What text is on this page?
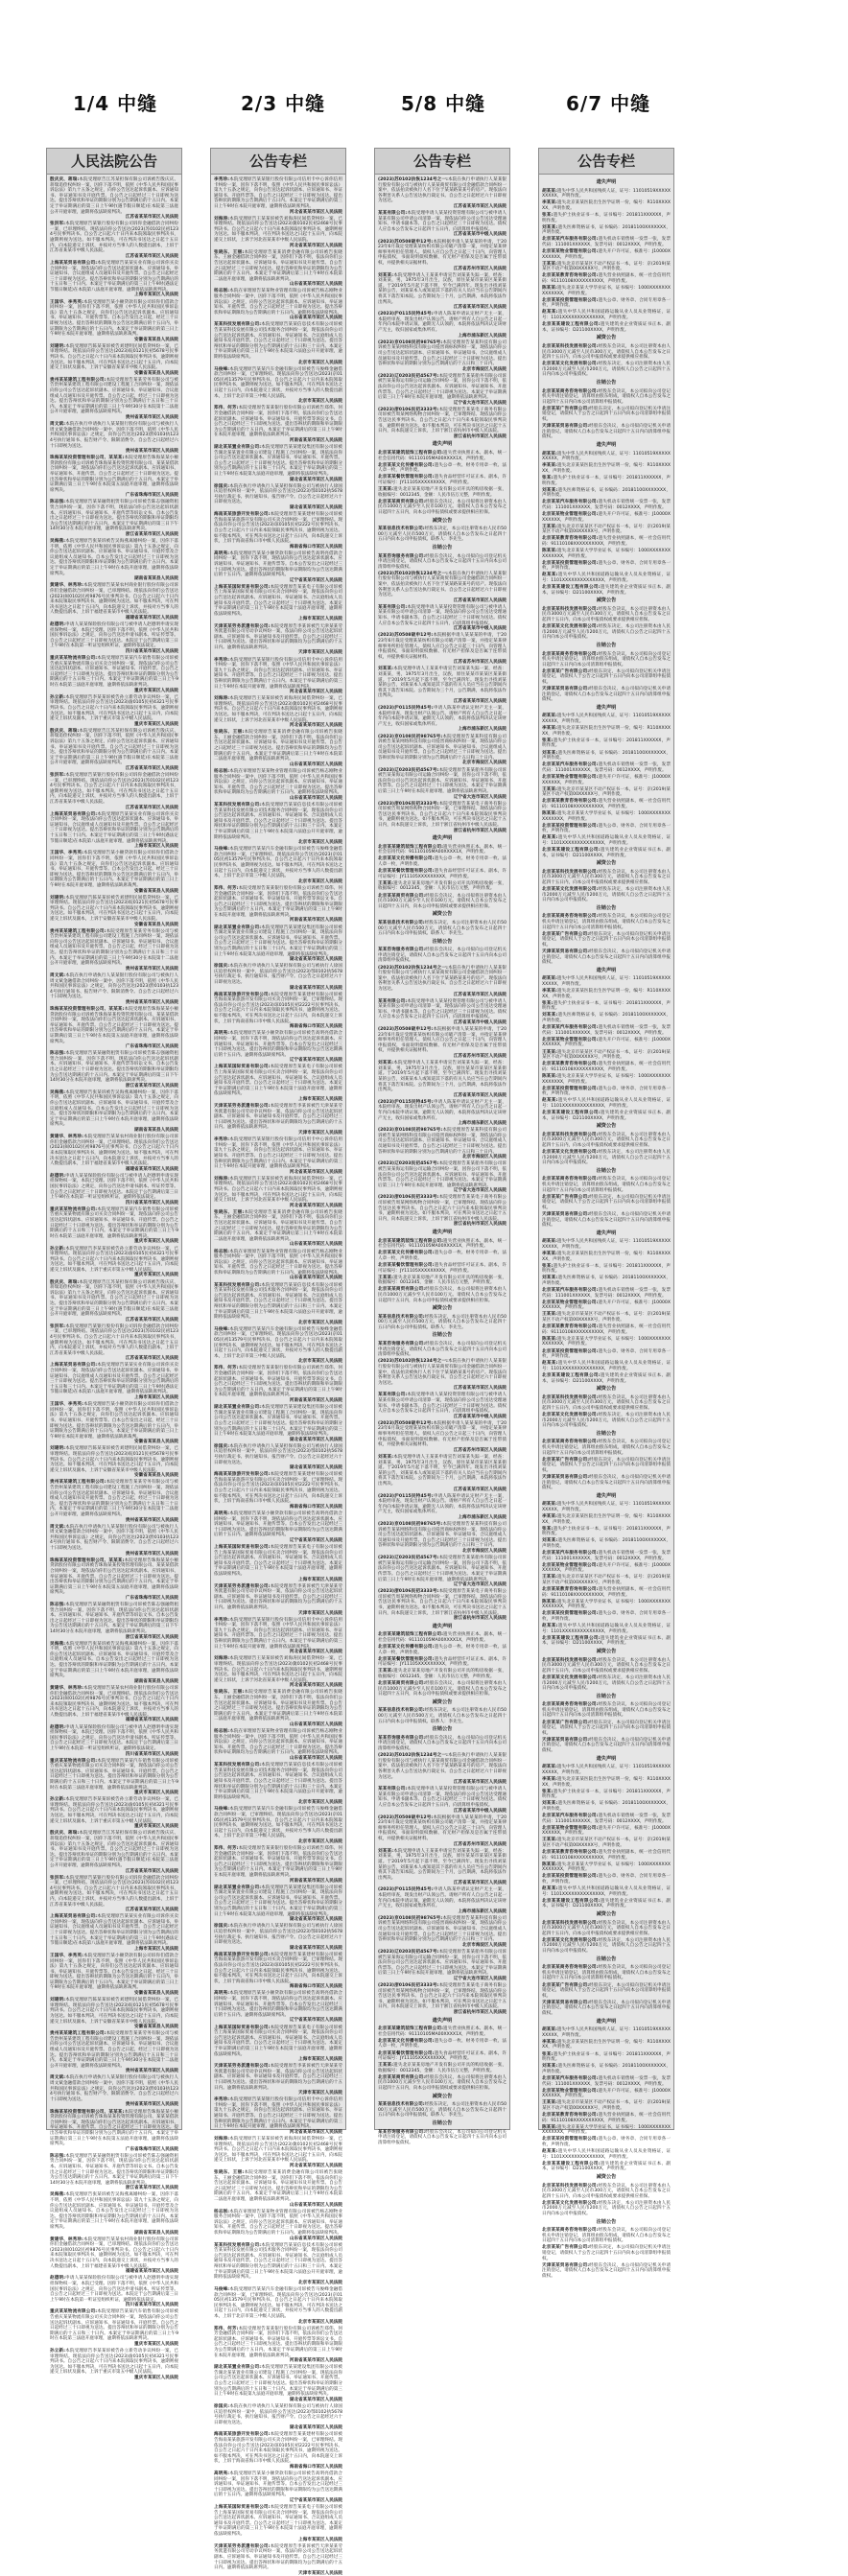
1/4 中缝	2/3 中缝	5/8 中缝	6/7 中缝
人民法院公告
殷庆庆、蒋瑞:本院受理原告江苏某担保有限公司诉被告殷庆庆、蒋瑞追偿权纠纷一案，因你下落不明，依照《中华人民共和国民事诉讼法》第九十五条之规定，向你公告送达起诉状副本、应诉通知书、举证通知书及开庭传票。自公告之日起经过三十日即视为送达。提出答辩状和举证的期限分别为公告期满后的十五日内。本案定于举证期满后的第三日上午9时(遇节假日顺延)在本院第三法庭公开开庭审理，逾期将依法缺席判决。
江苏省某某市某区人民法院
张洪军:本院受理原告某银行股份有限公司诉你金融借款合同纠纷一案，已审理终结。现依法向你公告送达(2023)苏0102民初1234号民事判决书。自公告之日起六十日内来本院领取民事判决书，逾期则视为送达。如不服本判决，可在判决书送达之日起十五日内，向本院递交上诉状，并按对方当事人的人数提出副本，上诉于江苏省某某市中级人民法院。
江苏省某某市某区人民法院
上海某某贸易有限公司:本院受理原告某某实业有限公司诉你买卖合同纠纷一案，现依法向你公告送达起诉状副本、应诉通知书、举证通知书、合议庭组成人员通知书及开庭传票。自公告之日起经过三十日即视为送达。提出答辩状和举证的期限分别为公告期满后的十五日和三十日内。本案定于举证期满后的第三日上午9时(遇法定节假日顺延)在本院第八法庭开庭审理，逾期将依法缺席判决。
上海市某某区人民法院
王国华、李秀英:本院受理原告某小额贷款有限公司诉你们借款合同纠纷一案，因你们下落不明，依照《中华人民共和国民事诉讼法》第九十五条之规定，向你们公告送达起诉状副本、应诉通知书、举证通知书、开庭传票等。自本公告发出之日起，经过三十日即视为送达。提出答辩状的期限为公告送达期满后的十五日内，举证期限为公告期满后的十五日内。本案定于举证期满后的第三日上午9时在本院开庭审理，逾期将依法缺席裁判。
安徽省某某县人民法院
刘建明:本院受理原告陈某某诉被告刘建明民间借贷纠纷一案，已审理终结。现依法向你公告送达(2023)皖0121民初5678号民事判决书。自公告之日起六十日内来本院领取民事判决书，逾期则视为送达。如不服本判决，可在判决书送达之日起十五日内，向本院递交上诉状及副本，上诉于安徽省某某市中级人民法院。
安徽省某某县人民法院
贵州某某建筑工程有限公司:本院受理原告某某劳务有限公司与被告贵州某某建筑工程有限公司建设工程施工合同纠纷一案，现依法向你公司公告送达起诉状副本、应诉通知书、举证通知书、合议庭组成人员通知书及开庭传票。自公告之日起，经过三十日即视为送达。提出答辩状和举证的期限分别为公告期满后十五日和三十日内。本案定于举证期满后的第三日上午9时30分在本院第十二法庭公开开庭审理，逾期将依法缺席判决。
贵州省某某市某区人民法院
周文斌:本院在执行申请执行人某某银行股份有限公司与被执行人周文斌金融借款合同纠纷一案中，因你下落不明，依照《中华人民共和国民事诉讼法》之规定，向你公告送达(2023)黔0103执1234号执行通知书、报告财产令、限制消费令。自公告之日起经过六十日即视为送达。
贵州省某某市某区人民法院
珠海某某投资管理有限公司、某某某:本院受理原告珠海某某小额贷款股份有限公司诉被告珠海某某投资管理有限公司、某某某借款合同纠纷一案，现依法向你们公告送达起诉状副本、应诉通知书、举证通知书、开庭传票。自公告之日起经过三十日即视为送达。提出答辩状和举证的期限分别为公告期满后的十五日内。本案定于举证期满后第三日上午9时在本院第五法庭开庭审理，逾期将依法缺席判决。
广东省珠海市某区人民法院
陈志强:本院受理原告某某融资租赁有限公司诉被告陈志强融资租赁合同纠纷一案，因你下落不明，现依法向你公告送达起诉状副本、应诉通知书、举证通知书、开庭传票等诉讼文书。自本公告发出之日起经过三十日即视为送达。提出答辩状的期限和举证期限均为公告送达期满后的十五日内。本案定于举证期满后的第三日下午14时30分在本院开庭审理，逾期将依法缺席判决。
浙江省某某市某区人民法院
吴海燕:本院受理原告张某诉被告吴海燕离婚纠纷一案，因你下落不明，依照《中华人民共和国民事诉讼法》第九十五条之规定，向你公告送达起诉状副本、应诉通知书、举证通知书、开庭传票及合议庭组成人员通知书。自本公告发出之日起经过三十日即视为送达。提出答辩状的期限和举证期限为公告期满后的十五日内。本案定于举证期满后的第三日上午9时在本院开庭审理，逾期将依法缺席判决。
湖南省某某县人民法院
黄建华、林秀珍:本院受理原告某某农村商业银行股份有限公司诉你们金融借款合同纠纷一案，已审理终结。现依法向你们公告送达(2023)闽0102民初9876号民事判决书。自公告之日起六十日内来本院领取民事判决书，逾期则视为送达。如不服本判决，可在判决书送达之日起十五日内，向本院递交上诉状，并按对方当事人的人数提出副本，上诉于福建省某某市中级人民法院。
福建省某某市某区人民法院
赵德明:申请人某某保险股份有限公司与被申请人赵德明申请实现担保物权一案，本院已受理。因你下落不明，依照《中华人民共和国民事诉讼法》之规定，向你公告送达申请书副本、听证传票等。自公告之日起经过三十日即视为送达。本院定于公告期满后第三日上午9时在本院第一听证室组织听证，逾期将依法裁定。
四川省某某市某区人民法院
重庆某某物流有限公司:本院受理原告某某汽车销售有限公司诉被告重庆某某物流有限公司买卖合同纠纷一案，现依法向你公司公告送达起诉状副本、应诉通知书、举证通知书、开庭传票。自公告之日起经过三十日即视为送达。提出答辩状和举证的期限分别为公告期满后的十五日和三十日内。本案定于举证期满后的第三日上午9时在本院第三法庭开庭审理，逾期将依法缺席判决。
重庆市某某区人民法院
孙立新:本院受理原告李某某诉被告孙立新劳动争议纠纷一案，已审理终结。现依法向你公告送达(2023)渝0105民初4321号民事判决书。自公告之日起六十日内来本院领取民事判决书，逾期则视为送达。如不服本判决，可在判决书送达之日起十五日内，向本院递交上诉状及副本，上诉于重庆市第五中级人民法院。
重庆市某某区人民法院
殷庆庆、蒋瑞:本院受理原告江苏某担保有限公司诉被告殷庆庆、蒋瑞追偿权纠纷一案，因你下落不明，依照《中华人民共和国民事诉讼法》第九十五条之规定，向你公告送达起诉状副本、应诉通知书、举证通知书及开庭传票。自公告之日起经过三十日即视为送达。提出答辩状和举证的期限分别为公告期满后的十五日内。本案定于举证期满后的第三日上午9时(遇节假日顺延)在本院第三法庭公开开庭审理，逾期将依法缺席判决。
江苏省某某市某区人民法院
张洪军:本院受理原告某银行股份有限公司诉你金融借款合同纠纷一案，已审理终结。现依法向你公告送达(2023)苏0102民初1234号民事判决书。自公告之日起六十日内来本院领取民事判决书，逾期则视为送达。如不服本判决，可在判决书送达之日起十五日内，向本院递交上诉状，并按对方当事人的人数提出副本，上诉于江苏省某某市中级人民法院。
江苏省某某市某区人民法院
上海某某贸易有限公司:本院受理原告某某实业有限公司诉你买卖合同纠纷一案，现依法向你公告送达起诉状副本、应诉通知书、举证通知书、合议庭组成人员通知书及开庭传票。自公告之日起经过三十日即视为送达。提出答辩状和举证的期限分别为公告期满后的十五日和三十日内。本案定于举证期满后的第三日上午9时(遇法定节假日顺延)在本院第八法庭开庭审理，逾期将依法缺席判决。
上海市某某区人民法院
王国华、李秀英:本院受理原告某小额贷款有限公司诉你们借款合同纠纷一案，因你们下落不明，依照《中华人民共和国民事诉讼法》第九十五条之规定，向你们公告送达起诉状副本、应诉通知书、举证通知书、开庭传票等。自本公告发出之日起，经过三十日即视为送达。提出答辩状的期限为公告送达期满后的十五日内，举证期限为公告期满后的十五日内。本案定于举证期满后的第三日上午9时在本院开庭审理，逾期将依法缺席裁判。
安徽省某某县人民法院
刘建明:本院受理原告陈某某诉被告刘建明民间借贷纠纷一案，已审理终结。现依法向你公告送达(2023)皖0121民初5678号民事判决书。自公告之日起六十日内来本院领取民事判决书，逾期则视为送达。如不服本判决，可在判决书送达之日起十五日内，向本院递交上诉状及副本，上诉于安徽省某某市中级人民法院。
安徽省某某县人民法院
贵州某某建筑工程有限公司:本院受理原告某某劳务有限公司与被告贵州某某建筑工程有限公司建设工程施工合同纠纷一案，现依法向你公司公告送达起诉状副本、应诉通知书、举证通知书、合议庭组成人员通知书及开庭传票。自公告之日起，经过三十日即视为送达。提出答辩状和举证的期限分别为公告期满后十五日和三十日内。本案定于举证期满后的第三日上午9时30分在本院第十二法庭公开开庭审理，逾期将依法缺席判决。
贵州省某某市某区人民法院
周文斌:本院在执行申请执行人某某银行股份有限公司与被执行人周文斌金融借款合同纠纷一案中，因你下落不明，依照《中华人民共和国民事诉讼法》之规定，向你公告送达(2023)黔0103执1234号执行通知书、报告财产令、限制消费令。自公告之日起经过六十日即视为送达。
贵州省某某市某区人民法院
珠海某某投资管理有限公司、某某某:本院受理原告珠海某某小额贷款股份有限公司诉被告珠海某某投资管理有限公司、某某某借款合同纠纷一案，现依法向你们公告送达起诉状副本、应诉通知书、举证通知书、开庭传票。自公告之日起经过三十日即视为送达。提出答辩状和举证的期限分别为公告期满后的十五日内。本案定于举证期满后第三日上午9时在本院第五法庭开庭审理，逾期将依法缺席判决。
广东省珠海市某区人民法院
陈志强:本院受理原告某某融资租赁有限公司诉被告陈志强融资租赁合同纠纷一案，因你下落不明，现依法向你公告送达起诉状副本、应诉通知书、举证通知书、开庭传票等诉讼文书。自本公告发出之日起经过三十日即视为送达。提出答辩状的期限和举证期限均为公告送达期满后的十五日内。本案定于举证期满后的第三日下午14时30分在本院开庭审理，逾期将依法缺席判决。
浙江省某某市某区人民法院
吴海燕:本院受理原告张某诉被告吴海燕离婚纠纷一案，因你下落不明，依照《中华人民共和国民事诉讼法》第九十五条之规定，向你公告送达起诉状副本、应诉通知书、举证通知书、开庭传票及合议庭组成人员通知书。自本公告发出之日起经过三十日即视为送达。提出答辩状的期限和举证期限为公告期满后的十五日内。本案定于举证期满后的第三日上午9时在本院开庭审理，逾期将依法缺席判决。
湖南省某某县人民法院
黄建华、林秀珍:本院受理原告某某农村商业银行股份有限公司诉你们金融借款合同纠纷一案，已审理终结。现依法向你们公告送达(2023)闽0102民初9876号民事判决书。自公告之日起六十日内来本院领取民事判决书，逾期则视为送达。如不服本判决，可在判决书送达之日起十五日内，向本院递交上诉状，并按对方当事人的人数提出副本，上诉于福建省某某市中级人民法院。
福建省某某市某区人民法院
赵德明:申请人某某保险股份有限公司与被申请人赵德明申请实现担保物权一案，本院已受理。因你下落不明，依照《中华人民共和国民事诉讼法》之规定，向你公告送达申请书副本、听证传票等。自公告之日起经过三十日即视为送达。本院定于公告期满后第三日上午9时在本院第一听证室组织听证，逾期将依法裁定。
四川省某某市某区人民法院
重庆某某物流有限公司:本院受理原告某某汽车销售有限公司诉被告重庆某某物流有限公司买卖合同纠纷一案，现依法向你公司公告送达起诉状副本、应诉通知书、举证通知书、开庭传票。自公告之日起经过三十日即视为送达。提出答辩状和举证的期限分别为公告期满后的十五日和三十日内。本案定于举证期满后的第三日上午9时在本院第三法庭开庭审理，逾期将依法缺席判决。
重庆市某某区人民法院
孙立新:本院受理原告李某某诉被告孙立新劳动争议纠纷一案，已审理终结。现依法向你公告送达(2023)渝0105民初4321号民事判决书。自公告之日起六十日内来本院领取民事判决书，逾期则视为送达。如不服本判决，可在判决书送达之日起十五日内，向本院递交上诉状及副本，上诉于重庆市第五中级人民法院。
重庆市某某区人民法院
殷庆庆、蒋瑞:本院受理原告江苏某担保有限公司诉被告殷庆庆、蒋瑞追偿权纠纷一案，因你下落不明，依照《中华人民共和国民事诉讼法》第九十五条之规定，向你公告送达起诉状副本、应诉通知书、举证通知书及开庭传票。自公告之日起经过三十日即视为送达。提出答辩状和举证的期限分别为公告期满后的十五日内。本案定于举证期满后的第三日上午9时(遇节假日顺延)在本院第三法庭公开开庭审理，逾期将依法缺席判决。
江苏省某某市某区人民法院
张洪军:本院受理原告某银行股份有限公司诉你金融借款合同纠纷一案，已审理终结。现依法向你公告送达(2023)苏0102民初1234号民事判决书。自公告之日起六十日内来本院领取民事判决书，逾期则视为送达。如不服本判决，可在判决书送达之日起十五日内，向本院递交上诉状，并按对方当事人的人数提出副本，上诉于江苏省某某市中级人民法院。
江苏省某某市某区人民法院
上海某某贸易有限公司:本院受理原告某某实业有限公司诉你买卖合同纠纷一案，现依法向你公告送达起诉状副本、应诉通知书、举证通知书、合议庭组成人员通知书及开庭传票。自公告之日起经过三十日即视为送达。提出答辩状和举证的期限分别为公告期满后的十五日和三十日内。本案定于举证期满后的第三日上午9时(遇法定节假日顺延)在本院第八法庭开庭审理，逾期将依法缺席判决。
上海市某某区人民法院
王国华、李秀英:本院受理原告某小额贷款有限公司诉你们借款合同纠纷一案，因你们下落不明，依照《中华人民共和国民事诉讼法》第九十五条之规定，向你们公告送达起诉状副本、应诉通知书、举证通知书、开庭传票等。自本公告发出之日起，经过三十日即视为送达。提出答辩状的期限为公告送达期满后的十五日内，举证期限为公告期满后的十五日内。本案定于举证期满后的第三日上午9时在本院开庭审理，逾期将依法缺席裁判。
安徽省某某县人民法院
刘建明:本院受理原告陈某某诉被告刘建明民间借贷纠纷一案，已审理终结。现依法向你公告送达(2023)皖0121民初5678号民事判决书。自公告之日起六十日内来本院领取民事判决书，逾期则视为送达。如不服本判决，可在判决书送达之日起十五日内，向本院递交上诉状及副本，上诉于安徽省某某市中级人民法院。
安徽省某某县人民法院
贵州某某建筑工程有限公司:本院受理原告某某劳务有限公司与被告贵州某某建筑工程有限公司建设工程施工合同纠纷一案，现依法向你公司公告送达起诉状副本、应诉通知书、举证通知书、合议庭组成人员通知书及开庭传票。自公告之日起，经过三十日即视为送达。提出答辩状和举证的期限分别为公告期满后十五日和三十日内。本案定于举证期满后的第三日上午9时30分在本院第十二法庭公开开庭审理，逾期将依法缺席判决。
贵州省某某市某区人民法院
周文斌:本院在执行申请执行人某某银行股份有限公司与被执行人周文斌金融借款合同纠纷一案中，因你下落不明，依照《中华人民共和国民事诉讼法》之规定，向你公告送达(2023)黔0103执1234号执行通知书、报告财产令、限制消费令。自公告之日起经过六十日即视为送达。
贵州省某某市某区人民法院
珠海某某投资管理有限公司、某某某:本院受理原告珠海某某小额贷款股份有限公司诉被告珠海某某投资管理有限公司、某某某借款合同纠纷一案，现依法向你们公告送达起诉状副本、应诉通知书、举证通知书、开庭传票。自公告之日起经过三十日即视为送达。提出答辩状和举证的期限分别为公告期满后的十五日内。本案定于举证期满后第三日上午9时在本院第五法庭开庭审理，逾期将依法缺席判决。
广东省珠海市某区人民法院
陈志强:本院受理原告某某融资租赁有限公司诉被告陈志强融资租赁合同纠纷一案，因你下落不明，现依法向你公告送达起诉状副本、应诉通知书、举证通知书、开庭传票等诉讼文书。自本公告发出之日起经过三十日即视为送达。提出答辩状的期限和举证期限均为公告送达期满后的十五日内。本案定于举证期满后的第三日下午14时30分在本院开庭审理，逾期将依法缺席判决。
浙江省某某市某区人民法院
吴海燕:本院受理原告张某诉被告吴海燕离婚纠纷一案，因你下落不明，依照《中华人民共和国民事诉讼法》第九十五条之规定，向你公告送达起诉状副本、应诉通知书、举证通知书、开庭传票及合议庭组成人员通知书。自本公告发出之日起经过三十日即视为送达。提出答辩状的期限和举证期限为公告期满后的十五日内。本案定于举证期满后的第三日上午9时在本院开庭审理，逾期将依法缺席判决。
湖南省某某县人民法院
黄建华、林秀珍:本院受理原告某某农村商业银行股份有限公司诉你们金融借款合同纠纷一案，已审理终结。现依法向你们公告送达(2023)闽0102民初9876号民事判决书。自公告之日起六十日内来本院领取民事判决书，逾期则视为送达。如不服本判决，可在判决书送达之日起十五日内，向本院递交上诉状，并按对方当事人的人数提出副本，上诉于福建省某某市中级人民法院。
福建省某某市某区人民法院
赵德明:申请人某某保险股份有限公司与被申请人赵德明申请实现担保物权一案，本院已受理。因你下落不明，依照《中华人民共和国民事诉讼法》之规定，向你公告送达申请书副本、听证传票等。自公告之日起经过三十日即视为送达。本院定于公告期满后第三日上午9时在本院第一听证室组织听证，逾期将依法裁定。
四川省某某市某区人民法院
重庆某某物流有限公司:本院受理原告某某汽车销售有限公司诉被告重庆某某物流有限公司买卖合同纠纷一案，现依法向你公司公告送达起诉状副本、应诉通知书、举证通知书、开庭传票。自公告之日起经过三十日即视为送达。提出答辩状和举证的期限分别为公告期满后的十五日和三十日内。本案定于举证期满后的第三日上午9时在本院第三法庭开庭审理，逾期将依法缺席判决。
重庆市某某区人民法院
孙立新:本院受理原告李某某诉被告孙立新劳动争议纠纷一案，已审理终结。现依法向你公告送达(2023)渝0105民初4321号民事判决书。自公告之日起六十日内来本院领取民事判决书，逾期则视为送达。如不服本判决，可在判决书送达之日起十五日内，向本院递交上诉状及副本，上诉于重庆市第五中级人民法院。
重庆市某某区人民法院
殷庆庆、蒋瑞:本院受理原告江苏某担保有限公司诉被告殷庆庆、蒋瑞追偿权纠纷一案，因你下落不明，依照《中华人民共和国民事诉讼法》第九十五条之规定，向你公告送达起诉状副本、应诉通知书、举证通知书及开庭传票。自公告之日起经过三十日即视为送达。提出答辩状和举证的期限分别为公告期满后的十五日内。本案定于举证期满后的第三日上午9时(遇节假日顺延)在本院第三法庭公开开庭审理，逾期将依法缺席判决。
江苏省某某市某区人民法院
张洪军:本院受理原告某银行股份有限公司诉你金融借款合同纠纷一案，已审理终结。现依法向你公告送达(2023)苏0102民初1234号民事判决书。自公告之日起六十日内来本院领取民事判决书，逾期则视为送达。如不服本判决，可在判决书送达之日起十五日内，向本院递交上诉状，并按对方当事人的人数提出副本，上诉于江苏省某某市中级人民法院。
江苏省某某市某区人民法院
上海某某贸易有限公司:本院受理原告某某实业有限公司诉你买卖合同纠纷一案，现依法向你公告送达起诉状副本、应诉通知书、举证通知书、合议庭组成人员通知书及开庭传票。自公告之日起经过三十日即视为送达。提出答辩状和举证的期限分别为公告期满后的十五日和三十日内。本案定于举证期满后的第三日上午9时(遇法定节假日顺延)在本院第八法庭开庭审理，逾期将依法缺席判决。
上海市某某区人民法院
王国华、李秀英:本院受理原告某小额贷款有限公司诉你们借款合同纠纷一案，因你们下落不明，依照《中华人民共和国民事诉讼法》第九十五条之规定，向你们公告送达起诉状副本、应诉通知书、举证通知书、开庭传票等。自本公告发出之日起，经过三十日即视为送达。提出答辩状的期限为公告送达期满后的十五日内，举证期限为公告期满后的十五日内。本案定于举证期满后的第三日上午9时在本院开庭审理，逾期将依法缺席裁判。
安徽省某某县人民法院
刘建明:本院受理原告陈某某诉被告刘建明民间借贷纠纷一案，已审理终结。现依法向你公告送达(2023)皖0121民初5678号民事判决书。自公告之日起六十日内来本院领取民事判决书，逾期则视为送达。如不服本判决，可在判决书送达之日起十五日内，向本院递交上诉状及副本，上诉于安徽省某某市中级人民法院。
安徽省某某县人民法院
贵州某某建筑工程有限公司:本院受理原告某某劳务有限公司与被告贵州某某建筑工程有限公司建设工程施工合同纠纷一案，现依法向你公司公告送达起诉状副本、应诉通知书、举证通知书、合议庭组成人员通知书及开庭传票。自公告之日起，经过三十日即视为送达。提出答辩状和举证的期限分别为公告期满后十五日和三十日内。本案定于举证期满后的第三日上午9时30分在本院第十二法庭公开开庭审理，逾期将依法缺席判决。
贵州省某某市某区人民法院
周文斌:本院在执行申请执行人某某银行股份有限公司与被执行人周文斌金融借款合同纠纷一案中，因你下落不明，依照《中华人民共和国民事诉讼法》之规定，向你公告送达(2023)黔0103执1234号执行通知书、报告财产令、限制消费令。自公告之日起经过六十日即视为送达。
贵州省某某市某区人民法院
珠海某某投资管理有限公司、某某某:本院受理原告珠海某某小额贷款股份有限公司诉被告珠海某某投资管理有限公司、某某某借款合同纠纷一案，现依法向你们公告送达起诉状副本、应诉通知书、举证通知书、开庭传票。自公告之日起经过三十日即视为送达。提出答辩状和举证的期限分别为公告期满后的十五日内。本案定于举证期满后第三日上午9时在本院第五法庭开庭审理，逾期将依法缺席判决。
广东省珠海市某区人民法院
陈志强:本院受理原告某某融资租赁有限公司诉被告陈志强融资租赁合同纠纷一案，因你下落不明，现依法向你公告送达起诉状副本、应诉通知书、举证通知书、开庭传票等诉讼文书。自本公告发出之日起经过三十日即视为送达。提出答辩状的期限和举证期限均为公告送达期满后的十五日内。本案定于举证期满后的第三日下午14时30分在本院开庭审理，逾期将依法缺席判决。
浙江省某某市某区人民法院
吴海燕:本院受理原告张某诉被告吴海燕离婚纠纷一案，因你下落不明，依照《中华人民共和国民事诉讼法》第九十五条之规定，向你公告送达起诉状副本、应诉通知书、举证通知书、开庭传票及合议庭组成人员通知书。自本公告发出之日起经过三十日即视为送达。提出答辩状的期限和举证期限为公告期满后的十五日内。本案定于举证期满后的第三日上午9时在本院开庭审理，逾期将依法缺席判决。
湖南省某某县人民法院
黄建华、林秀珍:本院受理原告某某农村商业银行股份有限公司诉你们金融借款合同纠纷一案，已审理终结。现依法向你们公告送达(2023)闽0102民初9876号民事判决书。自公告之日起六十日内来本院领取民事判决书，逾期则视为送达。如不服本判决，可在判决书送达之日起十五日内，向本院递交上诉状，并按对方当事人的人数提出副本，上诉于福建省某某市中级人民法院。
福建省某某市某区人民法院
赵德明:申请人某某保险股份有限公司与被申请人赵德明申请实现担保物权一案，本院已受理。因你下落不明，依照《中华人民共和国民事诉讼法》之规定，向你公告送达申请书副本、听证传票等。自公告之日起经过三十日即视为送达。本院定于公告期满后第三日上午9时在本院第一听证室组织听证，逾期将依法裁定。
四川省某某市某区人民法院
重庆某某物流有限公司:本院受理原告某某汽车销售有限公司诉被告重庆某某物流有限公司买卖合同纠纷一案，现依法向你公司公告送达起诉状副本、应诉通知书、举证通知书、开庭传票。自公告之日起经过三十日即视为送达。提出答辩状和举证的期限分别为公告期满后的十五日和三十日内。本案定于举证期满后的第三日上午9时在本院第三法庭开庭审理，逾期将依法缺席判决。
重庆市某某区人民法院
孙立新:本院受理原告李某某诉被告孙立新劳动争议纠纷一案，已审理终结。现依法向你公告送达(2023)渝0105民初4321号民事判决书。自公告之日起六十日内来本院领取民事判决书，逾期则视为送达。如不服本判决，可在判决书送达之日起十五日内，向本院递交上诉状及副本，上诉于重庆市第五中级人民法院。
重庆市某某区人民法院
公告专栏
李秀珍:本院受理原告某某银行股份有限公司信用卡中心诉你信用卡纠纷一案，因你下落不明，依照《中华人民共和国民事诉讼法》第九十五条之规定，向你公告送达起诉状副本、应诉通知书、举证通知书、开庭传票等。自公告之日起经过三十日即视为送达。提出答辩状的期限为公告期满后十五日内。本案定于举证期满后的第三日上午9时在本院开庭审理，逾期将依法缺席判决。
河北省某某市某区人民法院
刘海涛:本院受理原告王某某诉被告刘海涛民间借贷纠纷一案，已审理终结。现依法向你公告送达(2023)冀0102民初2468号民事判决书。自公告之日起六十日内来本院领取民事判决书，逾期则视为送达。如不服本判决，可在判决书送达之日起十五日内，向本院递交上诉状，上诉于河北省某某市中级人民法院。
河北省某某市某区人民法院
张晓东、王丽:本院受理原告某某消费金融有限公司诉被告张晓东、王丽金融借款合同纠纷一案，因你们下落不明，依法向你们公告送达起诉状副本、应诉通知书、举证通知书及开庭传票。自公告之日起经过三十日即视为送达。提出答辩状和举证的期限均为公告期满后的十五日内。本案定于举证期满后第三日上午9时在本院第二法庭开庭审理，逾期将依法缺席判决。
山东省某某市某区人民法院
杨志刚:本院在审理原告某某物业管理有限公司诉被告杨志刚物业服务合同纠纷一案中，因你下落不明，依照《中华人民共和国民事诉讼法》之规定，向你公告送达起诉状副本、应诉通知书、举证通知书、开庭传票。自公告之日起经过三十日即视为送达。提出答辩状和举证期限均为公告期满后的十五日内。逾期将依法缺席判决。
山东省某某市某区人民法院
某某科技发展有限公司:本院受理原告某某信息技术有限公司诉被告某某科技发展有限公司技术服务合同纠纷一案，现依法向你公司公告送达起诉状副本、应诉通知书、举证通知书、合议庭组成人员通知书及开庭传票。自公告之日起经过三十日即视为送达。提出答辩状和举证的期限分别为公告期满后的十五日和三十日内。本案定于举证期满后的第三日上午9时在本院第六法庭公开开庭审理，逾期将依法缺席判决。
北京市某某区人民法院
马俊峰:本院受理原告某某汽车金融有限公司诉被告马俊峰金融借款合同纠纷一案，已审理终结。现依法向你公告送达(2023)京0105民初13579号民事判决书。自公告之日起六十日内来本院领取民事判决书，逾期则视为送达。如不服本判决，可在判决书送达之日起十五日内，向本院递交上诉状，并按对方当事人的人数提出副本，上诉于北京市第三中级人民法院。
北京市某某区人民法院
郑伟、何芳:本院受理原告某某银行股份有限公司诉被告郑伟、何芳金融借款合同纠纷一案，因你们下落不明，依法向你们公告送达起诉状副本、应诉通知书、举证通知书、开庭传票等诉讼文书。自公告之日起经过三十日即视为送达。提出答辩状的期限和举证期限为公告期满后的十五日内。本案定于举证期满后的第三日上午9时在本院开庭审理，逾期将依法缺席判决。
河南省某某市某区人民法院
湖北某某置业有限公司:本院受理原告某某建设集团有限公司诉被告湖北某某置业有限公司建设工程施工合同纠纷一案，现依法向你公司公告送达起诉状副本、应诉通知书、举证通知书、开庭传票。自公告之日起经过三十日即视为送达。提出答辩状和举证的期限分别为公告期满后的十五日和三十日内。本案定于举证期满后的第三日上午9时在本院第九法庭开庭审理，逾期将依法缺席判决。
湖北省某某市某区人民法院
徐国庆:本院在执行申请执行人某某担保有限公司与被执行人徐国庆追偿权纠纷一案中，依法向你公告送达(2023)鄂0102执5678号执行裁定书、执行通知书、报告财产令。自公告之日起经过六十日即视为送达。
湖北省某某市某区人民法院
海南某某旅游开发有限公司:本院受理原告某某建材有限公司诉被告海南某某旅游开发有限公司买卖合同纠纷一案，已审理终结。现依法向你公司公告送达(2023)琼0105民初2222号民事判决书。自公告之日起六十日内来本院领取民事判决书，逾期则视为送达。如不服本判决，可在判决书送达之日起十五日内，向本院递交上诉状，上诉于海南省海口市中级人民法院。
海南省海口市某区人民法院
高明亮:本院受理原告某某小额贷款有限公司诉被告高明亮借款合同纠纷一案，因你下落不明，现依法向你公告送达起诉状副本、应诉通知书、举证通知书、开庭传票等。自本公告发出之日起经过三十日即视为送达。提出答辩状的期限和举证期限均为公告送达期满后的十五日内。逾期将依法缺席判决。
辽宁省某某市某区人民法院
上海某某国际贸易有限公司:本院受理原告某某电子有限公司诉被告上海某某国际贸易有限公司买卖合同纠纷一案，现依法向你公司公告送达起诉状副本、应诉通知书、举证通知书、合议庭组成人员通知书及开庭传票。自公告之日起经过三十日即视为送达。本案定于举证期满后的第三日上午9时在本院第十法庭开庭审理，逾期将依法缺席判决。
上海市某某区人民法院
天津某某劳务派遣有限公司:本院受理原告李某诉被告天津某某劳务派遣有限公司劳动争议纠纷一案，依法向你公司公告送达起诉状副本、应诉通知书、举证通知书及开庭传票。自公告之日起经过三十日即视为送达。提出答辩状和举证的期限均为公告期满后的十五日内。逾期将依法缺席判决。
天津市某某区人民法院
李秀珍:本院受理原告某某银行股份有限公司信用卡中心诉你信用卡纠纷一案，因你下落不明，依照《中华人民共和国民事诉讼法》第九十五条之规定，向你公告送达起诉状副本、应诉通知书、举证通知书、开庭传票等。自公告之日起经过三十日即视为送达。提出答辩状的期限为公告期满后十五日内。本案定于举证期满后的第三日上午9时在本院开庭审理，逾期将依法缺席判决。
河北省某某市某区人民法院
刘海涛:本院受理原告王某某诉被告刘海涛民间借贷纠纷一案，已审理终结。现依法向你公告送达(2023)冀0102民初2468号民事判决书。自公告之日起六十日内来本院领取民事判决书，逾期则视为送达。如不服本判决，可在判决书送达之日起十五日内，向本院递交上诉状，上诉于河北省某某市中级人民法院。
河北省某某市某区人民法院
张晓东、王丽:本院受理原告某某消费金融有限公司诉被告张晓东、王丽金融借款合同纠纷一案，因你们下落不明，依法向你们公告送达起诉状副本、应诉通知书、举证通知书及开庭传票。自公告之日起经过三十日即视为送达。提出答辩状和举证的期限均为公告期满后的十五日内。本案定于举证期满后第三日上午9时在本院第二法庭开庭审理，逾期将依法缺席判决。
山东省某某市某区人民法院
杨志刚:本院在审理原告某某物业管理有限公司诉被告杨志刚物业服务合同纠纷一案中，因你下落不明，依照《中华人民共和国民事诉讼法》之规定，向你公告送达起诉状副本、应诉通知书、举证通知书、开庭传票。自公告之日起经过三十日即视为送达。提出答辩状和举证期限均为公告期满后的十五日内。逾期将依法缺席判决。
山东省某某市某区人民法院
某某科技发展有限公司:本院受理原告某某信息技术有限公司诉被告某某科技发展有限公司技术服务合同纠纷一案，现依法向你公司公告送达起诉状副本、应诉通知书、举证通知书、合议庭组成人员通知书及开庭传票。自公告之日起经过三十日即视为送达。提出答辩状和举证的期限分别为公告期满后的十五日和三十日内。本案定于举证期满后的第三日上午9时在本院第六法庭公开开庭审理，逾期将依法缺席判决。
北京市某某区人民法院
马俊峰:本院受理原告某某汽车金融有限公司诉被告马俊峰金融借款合同纠纷一案，已审理终结。现依法向你公告送达(2023)京0105民初13579号民事判决书。自公告之日起六十日内来本院领取民事判决书，逾期则视为送达。如不服本判决，可在判决书送达之日起十五日内，向本院递交上诉状，并按对方当事人的人数提出副本，上诉于北京市第三中级人民法院。
北京市某某区人民法院
郑伟、何芳:本院受理原告某某银行股份有限公司诉被告郑伟、何芳金融借款合同纠纷一案，因你们下落不明，依法向你们公告送达起诉状副本、应诉通知书、举证通知书、开庭传票等诉讼文书。自公告之日起经过三十日即视为送达。提出答辩状的期限和举证期限为公告期满后的十五日内。本案定于举证期满后的第三日上午9时在本院开庭审理，逾期将依法缺席判决。
河南省某某市某区人民法院
湖北某某置业有限公司:本院受理原告某某建设集团有限公司诉被告湖北某某置业有限公司建设工程施工合同纠纷一案，现依法向你公司公告送达起诉状副本、应诉通知书、举证通知书、开庭传票。自公告之日起经过三十日即视为送达。提出答辩状和举证的期限分别为公告期满后的十五日和三十日内。本案定于举证期满后的第三日上午9时在本院第九法庭开庭审理，逾期将依法缺席判决。
湖北省某某市某区人民法院
徐国庆:本院在执行申请执行人某某担保有限公司与被执行人徐国庆追偿权纠纷一案中，依法向你公告送达(2023)鄂0102执5678号执行裁定书、执行通知书、报告财产令。自公告之日起经过六十日即视为送达。
湖北省某某市某区人民法院
海南某某旅游开发有限公司:本院受理原告某某建材有限公司诉被告海南某某旅游开发有限公司买卖合同纠纷一案，已审理终结。现依法向你公司公告送达(2023)琼0105民初2222号民事判决书。自公告之日起六十日内来本院领取民事判决书，逾期则视为送达。如不服本判决，可在判决书送达之日起十五日内，向本院递交上诉状，上诉于海南省海口市中级人民法院。
海南省海口市某区人民法院
高明亮:本院受理原告某某小额贷款有限公司诉被告高明亮借款合同纠纷一案，因你下落不明，现依法向你公告送达起诉状副本、应诉通知书、举证通知书、开庭传票等。自本公告发出之日起经过三十日即视为送达。提出答辩状的期限和举证期限均为公告送达期满后的十五日内。逾期将依法缺席判决。
辽宁省某某市某区人民法院
上海某某国际贸易有限公司:本院受理原告某某电子有限公司诉被告上海某某国际贸易有限公司买卖合同纠纷一案，现依法向你公司公告送达起诉状副本、应诉通知书、举证通知书、合议庭组成人员通知书及开庭传票。自公告之日起经过三十日即视为送达。本案定于举证期满后的第三日上午9时在本院第十法庭开庭审理，逾期将依法缺席判决。
上海市某某区人民法院
天津某某劳务派遣有限公司:本院受理原告李某诉被告天津某某劳务派遣有限公司劳动争议纠纷一案，依法向你公司公告送达起诉状副本、应诉通知书、举证通知书及开庭传票。自公告之日起经过三十日即视为送达。提出答辩状和举证的期限均为公告期满后的十五日内。逾期将依法缺席判决。
天津市某某区人民法院
李秀珍:本院受理原告某某银行股份有限公司信用卡中心诉你信用卡纠纷一案，因你下落不明，依照《中华人民共和国民事诉讼法》第九十五条之规定，向你公告送达起诉状副本、应诉通知书、举证通知书、开庭传票等。自公告之日起经过三十日即视为送达。提出答辩状的期限为公告期满后十五日内。本案定于举证期满后的第三日上午9时在本院开庭审理，逾期将依法缺席判决。
河北省某某市某区人民法院
刘海涛:本院受理原告王某某诉被告刘海涛民间借贷纠纷一案，已审理终结。现依法向你公告送达(2023)冀0102民初2468号民事判决书。自公告之日起六十日内来本院领取民事判决书，逾期则视为送达。如不服本判决，可在判决书送达之日起十五日内，向本院递交上诉状，上诉于河北省某某市中级人民法院。
河北省某某市某区人民法院
张晓东、王丽:本院受理原告某某消费金融有限公司诉被告张晓东、王丽金融借款合同纠纷一案，因你们下落不明，依法向你们公告送达起诉状副本、应诉通知书、举证通知书及开庭传票。自公告之日起经过三十日即视为送达。提出答辩状和举证的期限均为公告期满后的十五日内。本案定于举证期满后第三日上午9时在本院第二法庭开庭审理，逾期将依法缺席判决。
山东省某某市某区人民法院
杨志刚:本院在审理原告某某物业管理有限公司诉被告杨志刚物业服务合同纠纷一案中，因你下落不明，依照《中华人民共和国民事诉讼法》之规定，向你公告送达起诉状副本、应诉通知书、举证通知书、开庭传票。自公告之日起经过三十日即视为送达。提出答辩状和举证期限均为公告期满后的十五日内。逾期将依法缺席判决。
山东省某某市某区人民法院
某某科技发展有限公司:本院受理原告某某信息技术有限公司诉被告某某科技发展有限公司技术服务合同纠纷一案，现依法向你公司公告送达起诉状副本、应诉通知书、举证通知书、合议庭组成人员通知书及开庭传票。自公告之日起经过三十日即视为送达。提出答辩状和举证的期限分别为公告期满后的十五日和三十日内。本案定于举证期满后的第三日上午9时在本院第六法庭公开开庭审理，逾期将依法缺席判决。
北京市某某区人民法院
马俊峰:本院受理原告某某汽车金融有限公司诉被告马俊峰金融借款合同纠纷一案，已审理终结。现依法向你公告送达(2023)京0105民初13579号民事判决书。自公告之日起六十日内来本院领取民事判决书，逾期则视为送达。如不服本判决，可在判决书送达之日起十五日内，向本院递交上诉状，并按对方当事人的人数提出副本，上诉于北京市第三中级人民法院。
北京市某某区人民法院
郑伟、何芳:本院受理原告某某银行股份有限公司诉被告郑伟、何芳金融借款合同纠纷一案，因你们下落不明，依法向你们公告送达起诉状副本、应诉通知书、举证通知书、开庭传票等诉讼文书。自公告之日起经过三十日即视为送达。提出答辩状的期限和举证期限为公告期满后的十五日内。本案定于举证期满后的第三日上午9时在本院开庭审理，逾期将依法缺席判决。
河南省某某市某区人民法院
湖北某某置业有限公司:本院受理原告某某建设集团有限公司诉被告湖北某某置业有限公司建设工程施工合同纠纷一案，现依法向你公司公告送达起诉状副本、应诉通知书、举证通知书、开庭传票。自公告之日起经过三十日即视为送达。提出答辩状和举证的期限分别为公告期满后的十五日和三十日内。本案定于举证期满后的第三日上午9时在本院第九法庭开庭审理，逾期将依法缺席判决。
湖北省某某市某区人民法院
徐国庆:本院在执行申请执行人某某担保有限公司与被执行人徐国庆追偿权纠纷一案中，依法向你公告送达(2023)鄂0102执5678号执行裁定书、执行通知书、报告财产令。自公告之日起经过六十日即视为送达。
湖北省某某市某区人民法院
海南某某旅游开发有限公司:本院受理原告某某建材有限公司诉被告海南某某旅游开发有限公司买卖合同纠纷一案，已审理终结。现依法向你公司公告送达(2023)琼0105民初2222号民事判决书。自公告之日起六十日内来本院领取民事判决书，逾期则视为送达。如不服本判决，可在判决书送达之日起十五日内，向本院递交上诉状，上诉于海南省海口市中级人民法院。
海南省海口市某区人民法院
高明亮:本院受理原告某某小额贷款有限公司诉被告高明亮借款合同纠纷一案，因你下落不明，现依法向你公告送达起诉状副本、应诉通知书、举证通知书、开庭传票等。自本公告发出之日起经过三十日即视为送达。提出答辩状的期限和举证期限均为公告送达期满后的十五日内。逾期将依法缺席判决。
辽宁省某某市某区人民法院
上海某某国际贸易有限公司:本院受理原告某某电子有限公司诉被告上海某某国际贸易有限公司买卖合同纠纷一案，现依法向你公司公告送达起诉状副本、应诉通知书、举证通知书、合议庭组成人员通知书及开庭传票。自公告之日起经过三十日即视为送达。本案定于举证期满后的第三日上午9时在本院第十法庭开庭审理，逾期将依法缺席判决。
上海市某某区人民法院
天津某某劳务派遣有限公司:本院受理原告李某诉被告天津某某劳务派遣有限公司劳动争议纠纷一案，依法向你公司公告送达起诉状副本、应诉通知书、举证通知书及开庭传票。自公告之日起经过三十日即视为送达。提出答辩状和举证的期限均为公告期满后的十五日内。逾期将依法缺席判决。
天津市某某区人民法院
李秀珍:本院受理原告某某银行股份有限公司信用卡中心诉你信用卡纠纷一案，因你下落不明，依照《中华人民共和国民事诉讼法》第九十五条之规定，向你公告送达起诉状副本、应诉通知书、举证通知书、开庭传票等。自公告之日起经过三十日即视为送达。提出答辩状的期限为公告期满后十五日内。本案定于举证期满后的第三日上午9时在本院开庭审理，逾期将依法缺席判决。
河北省某某市某区人民法院
刘海涛:本院受理原告王某某诉被告刘海涛民间借贷纠纷一案，已审理终结。现依法向你公告送达(2023)冀0102民初2468号民事判决书。自公告之日起六十日内来本院领取民事判决书，逾期则视为送达。如不服本判决，可在判决书送达之日起十五日内，向本院递交上诉状，上诉于河北省某某市中级人民法院。
河北省某某市某区人民法院
张晓东、王丽:本院受理原告某某消费金融有限公司诉被告张晓东、王丽金融借款合同纠纷一案，因你们下落不明，依法向你们公告送达起诉状副本、应诉通知书、举证通知书及开庭传票。自公告之日起经过三十日即视为送达。提出答辩状和举证的期限均为公告期满后的十五日内。本案定于举证期满后第三日上午9时在本院第二法庭开庭审理，逾期将依法缺席判决。
山东省某某市某区人民法院
杨志刚:本院在审理原告某某物业管理有限公司诉被告杨志刚物业服务合同纠纷一案中，因你下落不明，依照《中华人民共和国民事诉讼法》之规定，向你公告送达起诉状副本、应诉通知书、举证通知书、开庭传票。自公告之日起经过三十日即视为送达。提出答辩状和举证期限均为公告期满后的十五日内。逾期将依法缺席判决。
山东省某某市某区人民法院
某某科技发展有限公司:本院受理原告某某信息技术有限公司诉被告某某科技发展有限公司技术服务合同纠纷一案，现依法向你公司公告送达起诉状副本、应诉通知书、举证通知书、合议庭组成人员通知书及开庭传票。自公告之日起经过三十日即视为送达。提出答辩状和举证的期限分别为公告期满后的十五日和三十日内。本案定于举证期满后的第三日上午9时在本院第六法庭公开开庭审理，逾期将依法缺席判决。
北京市某某区人民法院
马俊峰:本院受理原告某某汽车金融有限公司诉被告马俊峰金融借款合同纠纷一案，已审理终结。现依法向你公告送达(2023)京0105民初13579号民事判决书。自公告之日起六十日内来本院领取民事判决书，逾期则视为送达。如不服本判决，可在判决书送达之日起十五日内，向本院递交上诉状，并按对方当事人的人数提出副本，上诉于北京市第三中级人民法院。
北京市某某区人民法院
郑伟、何芳:本院受理原告某某银行股份有限公司诉被告郑伟、何芳金融借款合同纠纷一案，因你们下落不明，依法向你们公告送达起诉状副本、应诉通知书、举证通知书、开庭传票等诉讼文书。自公告之日起经过三十日即视为送达。提出答辩状的期限和举证期限为公告期满后的十五日内。本案定于举证期满后的第三日上午9时在本院开庭审理，逾期将依法缺席判决。
河南省某某市某区人民法院
湖北某某置业有限公司:本院受理原告某某建设集团有限公司诉被告湖北某某置业有限公司建设工程施工合同纠纷一案，现依法向你公司公告送达起诉状副本、应诉通知书、举证通知书、开庭传票。自公告之日起经过三十日即视为送达。提出答辩状和举证的期限分别为公告期满后的十五日和三十日内。本案定于举证期满后的第三日上午9时在本院第九法庭开庭审理，逾期将依法缺席判决。
湖北省某某市某区人民法院
徐国庆:本院在执行申请执行人某某担保有限公司与被执行人徐国庆追偿权纠纷一案中，依法向你公告送达(2023)鄂0102执5678号执行裁定书、执行通知书、报告财产令。自公告之日起经过六十日即视为送达。
湖北省某某市某区人民法院
海南某某旅游开发有限公司:本院受理原告某某建材有限公司诉被告海南某某旅游开发有限公司买卖合同纠纷一案，已审理终结。现依法向你公司公告送达(2023)琼0105民初2222号民事判决书。自公告之日起六十日内来本院领取民事判决书，逾期则视为送达。如不服本判决，可在判决书送达之日起十五日内，向本院递交上诉状，上诉于海南省海口市中级人民法院。
海南省海口市某区人民法院
高明亮:本院受理原告某某小额贷款有限公司诉被告高明亮借款合同纠纷一案，因你下落不明，现依法向你公告送达起诉状副本、应诉通知书、举证通知书、开庭传票等。自本公告发出之日起经过三十日即视为送达。提出答辩状的期限和举证期限均为公告送达期满后的十五日内。逾期将依法缺席判决。
辽宁省某某市某区人民法院
上海某某国际贸易有限公司:本院受理原告某某电子有限公司诉被告上海某某国际贸易有限公司买卖合同纠纷一案，现依法向你公司公告送达起诉状副本、应诉通知书、举证通知书、合议庭组成人员通知书及开庭传票。自公告之日起经过三十日即视为送达。本案定于举证期满后的第三日上午9时在本院第十法庭开庭审理，逾期将依法缺席判决。
上海市某某区人民法院
天津某某劳务派遣有限公司:本院受理原告李某诉被告天津某某劳务派遣有限公司劳动争议纠纷一案，依法向你公司公告送达起诉状副本、应诉通知书、举证通知书及开庭传票。自公告之日起经过三十日即视为送达。提出答辩状和举证的期限均为公告期满后的十五日内。逾期将依法缺席判决。
天津市某某区人民法院
李秀珍:本院受理原告某某银行股份有限公司信用卡中心诉你信用卡纠纷一案，因你下落不明，依照《中华人民共和国民事诉讼法》第九十五条之规定，向你公告送达起诉状副本、应诉通知书、举证通知书、开庭传票等。自公告之日起经过三十日即视为送达。提出答辩状的期限为公告期满后十五日内。本案定于举证期满后的第三日上午9时在本院开庭审理，逾期将依法缺席判决。
河北省某某市某区人民法院
刘海涛:本院受理原告王某某诉被告刘海涛民间借贷纠纷一案，已审理终结。现依法向你公告送达(2023)冀0102民初2468号民事判决书。自公告之日起六十日内来本院领取民事判决书，逾期则视为送达。如不服本判决，可在判决书送达之日起十五日内，向本院递交上诉状，上诉于河北省某某市中级人民法院。
河北省某某市某区人民法院
张晓东、王丽:本院受理原告某某消费金融有限公司诉被告张晓东、王丽金融借款合同纠纷一案，因你们下落不明，依法向你们公告送达起诉状副本、应诉通知书、举证通知书及开庭传票。自公告之日起经过三十日即视为送达。提出答辩状和举证的期限均为公告期满后的十五日内。本案定于举证期满后第三日上午9时在本院第二法庭开庭审理，逾期将依法缺席判决。
山东省某某市某区人民法院
杨志刚:本院在审理原告某某物业管理有限公司诉被告杨志刚物业服务合同纠纷一案中，因你下落不明，依照《中华人民共和国民事诉讼法》之规定，向你公告送达起诉状副本、应诉通知书、举证通知书、开庭传票。自公告之日起经过三十日即视为送达。提出答辩状和举证期限均为公告期满后的十五日内。逾期将依法缺席判决。
山东省某某市某区人民法院
某某科技发展有限公司:本院受理原告某某信息技术有限公司诉被告某某科技发展有限公司技术服务合同纠纷一案，现依法向你公司公告送达起诉状副本、应诉通知书、举证通知书、合议庭组成人员通知书及开庭传票。自公告之日起经过三十日即视为送达。提出答辩状和举证的期限分别为公告期满后的十五日和三十日内。本案定于举证期满后的第三日上午9时在本院第六法庭公开开庭审理，逾期将依法缺席判决。
北京市某某区人民法院
马俊峰:本院受理原告某某汽车金融有限公司诉被告马俊峰金融借款合同纠纷一案，已审理终结。现依法向你公告送达(2023)京0105民初13579号民事判决书。自公告之日起六十日内来本院领取民事判决书，逾期则视为送达。如不服本判决，可在判决书送达之日起十五日内，向本院递交上诉状，并按对方当事人的人数提出副本，上诉于北京市第三中级人民法院。
北京市某某区人民法院
郑伟、何芳:本院受理原告某某银行股份有限公司诉被告郑伟、何芳金融借款合同纠纷一案，因你们下落不明，依法向你们公告送达起诉状副本、应诉通知书、举证通知书、开庭传票等诉讼文书。自公告之日起经过三十日即视为送达。提出答辩状的期限和举证期限为公告期满后的十五日内。本案定于举证期满后的第三日上午9时在本院开庭审理，逾期将依法缺席判决。
河南省某某市某区人民法院
湖北某某置业有限公司:本院受理原告某某建设集团有限公司诉被告湖北某某置业有限公司建设工程施工合同纠纷一案，现依法向你公司公告送达起诉状副本、应诉通知书、举证通知书、开庭传票。自公告之日起经过三十日即视为送达。提出答辩状和举证的期限分别为公告期满后的十五日和三十日内。本案定于举证期满后的第三日上午9时在本院第九法庭开庭审理，逾期将依法缺席判决。
湖北省某某市某区人民法院
徐国庆:本院在执行申请执行人某某担保有限公司与被执行人徐国庆追偿权纠纷一案中，依法向你公告送达(2023)鄂0102执5678号执行裁定书、执行通知书、报告财产令。自公告之日起经过六十日即视为送达。
湖北省某某市某区人民法院
海南某某旅游开发有限公司:本院受理原告某某建材有限公司诉被告海南某某旅游开发有限公司买卖合同纠纷一案，已审理终结。现依法向你公司公告送达(2023)琼0105民初2222号民事判决书。自公告之日起六十日内来本院领取民事判决书，逾期则视为送达。如不服本判决，可在判决书送达之日起十五日内，向本院递交上诉状，上诉于海南省海口市中级人民法院。
海南省海口市某区人民法院
高明亮:本院受理原告某某小额贷款有限公司诉被告高明亮借款合同纠纷一案，因你下落不明，现依法向你公告送达起诉状副本、应诉通知书、举证通知书、开庭传票等。自本公告发出之日起经过三十日即视为送达。提出答辩状的期限和举证期限均为公告送达期满后的十五日内。逾期将依法缺席判决。
辽宁省某某市某区人民法院
上海某某国际贸易有限公司:本院受理原告某某电子有限公司诉被告上海某某国际贸易有限公司买卖合同纠纷一案，现依法向你公司公告送达起诉状副本、应诉通知书、举证通知书、合议庭组成人员通知书及开庭传票。自公告之日起经过三十日即视为送达。本案定于举证期满后的第三日上午9时在本院第十法庭开庭审理，逾期将依法缺席判决。
上海市某某区人民法院
天津某某劳务派遣有限公司:本院受理原告李某诉被告天津某某劳务派遣有限公司劳动争议纠纷一案，依法向你公司公告送达起诉状副本、应诉通知书、举证通知书及开庭传票。自公告之日起经过三十日即视为送达。提出答辩状和举证的期限均为公告期满后的十五日内。逾期将依法缺席判决。
天津市某某区人民法院
公告专栏
(2023)苏0102执恢1234号之一:本院在执行申请执行人某某银行股份有限公司与被执行人某某商贸有限公司金融借款合同纠纷一案中，依法拍卖被执行人名下位于某某路某某号的房产。现依法向各利害关系人公告送达执行裁定书。自公告之日起经过六十日即视为送达。
江苏省某某市某区人民法院
某某有限公司:本院受理申请人某某投资管理有限公司与被申请人某某有限公司申请公司清算一案，现依法向你公司公告送达受理通知书、申请书副本等。自公告之日起经过三十日即视为送达。债权人应自本公告发布之日起四十五日内，向清算组申报债权。
江苏省某某市中级人民法院
(2023)苏0508破申12号:本院根据申请人某某某的申请，于2023年6月裁定受理某某纺织有限公司破产清算一案，并指定某某律师事务所担任管理人。债权人应自公告之日起三十日内，向管理人申报债权，书面说明债权数额、有无财产担保及是否属于连带债权，并提供相关证据材料。
江苏省苏州市某区人民法院
刘某某:本院受理申请人王某某申请宣告刘某某失踪一案，经查：刘某某，男，1975年3月出生，汉族，原住某某市某某区某某街道。于2019年5月起下落不明，至今已满四年。现发出寻找刘某某的公告，刘某某本人或知道其下落的有关人员应当在公告期间内将其下落告知本院。公告期间为三个月，公告期满，本院将依法作出判决。
江苏省某某市某区人民法院
(2023)沪0115民特45号:申请人陈某申请认定财产无主一案，本院经审查，现发出财产认领公告。请财产所有人自公告之日起一年内向本院申请认领。逾期无人认领的，本院将依法判决认定该财产无主，收归国家或集体所有。
上海市浦东新区人民法院
(2023)京0108民初98765号:本院受理原告某某科技有限公司诉被告某某网络科技有限公司侵害商标权纠纷一案，现依法向你公司公告送达起诉状副本、应诉通知书、举证通知书、合议庭组成人员通知书及开庭传票。自公告之日起经过三十日即视为送达。提出答辩状和举证的期限分别为公告期满后的十五日和三十日内。
北京市海淀区人民法院
(2023)辽0203民初4567号:本院受理原告某某船务有限公司诉被告某某海运有限公司运输合同纠纷一案，因你公司下落不明，依法向你公司公告送达起诉状副本、应诉通知书、举证通知书、开庭传票等。自公告之日起经过三十日即视为送达。本案定于举证期满后第三日上午9时在本院开庭审理，逾期将依法缺席判决。
辽宁省大连市某区人民法院
(2023)浙0106民初3333号:本院受理原告某某电子商务有限公司诉被告周某网络购物合同纠纷一案，已审理终结。现依法向你公告送达民事判决书。自公告之日起六十日内来本院领取民事判决书，逾期则视为送达。如不服本判决，可在判决书送达之日起十五日内，向本院递交上诉状，上诉于浙江省杭州市中级人民法院。
浙江省杭州市某区人民法院
遗失声明
北京某某建筑装饰工程有限公司:遗失营业执照正本、副本，统一社会信用代码：91110105MA00XXXX1X，声明作废。
北京某某文化传播有限公司:遗失公章一枚、财务专用章一枚、法人章一枚，声明作废。
北京某某餐饮管理有限公司:遗失食品经营许可证正本、副本，许可证编号：JY11105XXXXXXXXX，声明作废。
王某某:遗失北京某某房地产开发有限公司开具的购房收据一张，收据编号：0012345，金额：人民币伍万元整，声明作废。
北京某某商贸有限公司:经股东会决议，本公司拟将注册资本由人民币1000万元减少至人民币100万元。请债权人自本公告发布之日起四十五日内，向本公司申报债权或要求提供相应担保。
减资公告
某某信息技术有限公司:经股东决定，本公司注册资本由人民币5000万元减至人民币500万元，请债权人自本公告发布之日起四十五日内向本公司申报债权。联系人：李先生。
注销公告
某某咨询服务有限公司:经股东会决议，本公司拟向公司登记机关申请注销登记，请债权人自本公告发布之日起四十五日内向本公司清算组申报债权。
(2023)苏0102执恢1234号之一:本院在执行申请执行人某某银行股份有限公司与被执行人某某商贸有限公司金融借款合同纠纷一案中，依法拍卖被执行人名下位于某某路某某号的房产。现依法向各利害关系人公告送达执行裁定书。自公告之日起经过六十日即视为送达。
江苏省某某市某区人民法院
某某有限公司:本院受理申请人某某投资管理有限公司与被申请人某某有限公司申请公司清算一案，现依法向你公司公告送达受理通知书、申请书副本等。自公告之日起经过三十日即视为送达。债权人应自本公告发布之日起四十五日内，向清算组申报债权。
江苏省某某市中级人民法院
(2023)苏0508破申12号:本院根据申请人某某某的申请，于2023年6月裁定受理某某纺织有限公司破产清算一案，并指定某某律师事务所担任管理人。债权人应自公告之日起三十日内，向管理人申报债权，书面说明债权数额、有无财产担保及是否属于连带债权，并提供相关证据材料。
江苏省苏州市某区人民法院
刘某某:本院受理申请人王某某申请宣告刘某某失踪一案，经查：刘某某，男，1975年3月出生，汉族，原住某某市某某区某某街道。于2019年5月起下落不明，至今已满四年。现发出寻找刘某某的公告，刘某某本人或知道其下落的有关人员应当在公告期间内将其下落告知本院。公告期间为三个月，公告期满，本院将依法作出判决。
江苏省某某市某区人民法院
(2023)沪0115民特45号:申请人陈某申请认定财产无主一案，本院经审查，现发出财产认领公告。请财产所有人自公告之日起一年内向本院申请认领。逾期无人认领的，本院将依法判决认定该财产无主，收归国家或集体所有。
上海市浦东新区人民法院
(2023)京0108民初98765号:本院受理原告某某科技有限公司诉被告某某网络科技有限公司侵害商标权纠纷一案，现依法向你公司公告送达起诉状副本、应诉通知书、举证通知书、合议庭组成人员通知书及开庭传票。自公告之日起经过三十日即视为送达。提出答辩状和举证的期限分别为公告期满后的十五日和三十日内。
北京市海淀区人民法院
(2023)辽0203民初4567号:本院受理原告某某船务有限公司诉被告某某海运有限公司运输合同纠纷一案，因你公司下落不明，依法向你公司公告送达起诉状副本、应诉通知书、举证通知书、开庭传票等。自公告之日起经过三十日即视为送达。本案定于举证期满后第三日上午9时在本院开庭审理，逾期将依法缺席判决。
辽宁省大连市某区人民法院
(2023)浙0106民初3333号:本院受理原告某某电子商务有限公司诉被告周某网络购物合同纠纷一案，已审理终结。现依法向你公告送达民事判决书。自公告之日起六十日内来本院领取民事判决书，逾期则视为送达。如不服本判决，可在判决书送达之日起十五日内，向本院递交上诉状，上诉于浙江省杭州市中级人民法院。
浙江省杭州市某区人民法院
遗失声明
北京某某建筑装饰工程有限公司:遗失营业执照正本、副本，统一社会信用代码：91110105MA00XXXX1X，声明作废。
北京某某文化传播有限公司:遗失公章一枚、财务专用章一枚、法人章一枚，声明作废。
北京某某餐饮管理有限公司:遗失食品经营许可证正本、副本，许可证编号：JY11105XXXXXXXXX，声明作废。
王某某:遗失北京某某房地产开发有限公司开具的购房收据一张，收据编号：0012345，金额：人民币伍万元整，声明作废。
北京某某商贸有限公司:经股东会决议，本公司拟将注册资本由人民币1000万元减少至人民币100万元。请债权人自本公告发布之日起四十五日内，向本公司申报债权或要求提供相应担保。
减资公告
某某信息技术有限公司:经股东决定，本公司注册资本由人民币5000万元减至人民币500万元，请债权人自本公告发布之日起四十五日内向本公司申报债权。联系人：李先生。
注销公告
某某咨询服务有限公司:经股东会决议，本公司拟向公司登记机关申请注销登记，请债权人自本公告发布之日起四十五日内向本公司清算组申报债权。
(2023)苏0102执恢1234号之一:本院在执行申请执行人某某银行股份有限公司与被执行人某某商贸有限公司金融借款合同纠纷一案中，依法拍卖被执行人名下位于某某路某某号的房产。现依法向各利害关系人公告送达执行裁定书。自公告之日起经过六十日即视为送达。
江苏省某某市某区人民法院
某某有限公司:本院受理申请人某某投资管理有限公司与被申请人某某有限公司申请公司清算一案，现依法向你公司公告送达受理通知书、申请书副本等。自公告之日起经过三十日即视为送达。债权人应自本公告发布之日起四十五日内，向清算组申报债权。
江苏省某某市中级人民法院
(2023)苏0508破申12号:本院根据申请人某某某的申请，于2023年6月裁定受理某某纺织有限公司破产清算一案，并指定某某律师事务所担任管理人。债权人应自公告之日起三十日内，向管理人申报债权，书面说明债权数额、有无财产担保及是否属于连带债权，并提供相关证据材料。
江苏省苏州市某区人民法院
刘某某:本院受理申请人王某某申请宣告刘某某失踪一案，经查：刘某某，男，1975年3月出生，汉族，原住某某市某某区某某街道。于2019年5月起下落不明，至今已满四年。现发出寻找刘某某的公告，刘某某本人或知道其下落的有关人员应当在公告期间内将其下落告知本院。公告期间为三个月，公告期满，本院将依法作出判决。
江苏省某某市某区人民法院
(2023)沪0115民特45号:申请人陈某申请认定财产无主一案，本院经审查，现发出财产认领公告。请财产所有人自公告之日起一年内向本院申请认领。逾期无人认领的，本院将依法判决认定该财产无主，收归国家或集体所有。
上海市浦东新区人民法院
(2023)京0108民初98765号:本院受理原告某某科技有限公司诉被告某某网络科技有限公司侵害商标权纠纷一案，现依法向你公司公告送达起诉状副本、应诉通知书、举证通知书、合议庭组成人员通知书及开庭传票。自公告之日起经过三十日即视为送达。提出答辩状和举证的期限分别为公告期满后的十五日和三十日内。
北京市海淀区人民法院
(2023)辽0203民初4567号:本院受理原告某某船务有限公司诉被告某某海运有限公司运输合同纠纷一案，因你公司下落不明，依法向你公司公告送达起诉状副本、应诉通知书、举证通知书、开庭传票等。自公告之日起经过三十日即视为送达。本案定于举证期满后第三日上午9时在本院开庭审理，逾期将依法缺席判决。
辽宁省大连市某区人民法院
(2023)浙0106民初3333号:本院受理原告某某电子商务有限公司诉被告周某网络购物合同纠纷一案，已审理终结。现依法向你公告送达民事判决书。自公告之日起六十日内来本院领取民事判决书，逾期则视为送达。如不服本判决，可在判决书送达之日起十五日内，向本院递交上诉状，上诉于浙江省杭州市中级人民法院。
浙江省杭州市某区人民法院
遗失声明
北京某某建筑装饰工程有限公司:遗失营业执照正本、副本，统一社会信用代码：91110105MA00XXXX1X，声明作废。
北京某某文化传播有限公司:遗失公章一枚、财务专用章一枚、法人章一枚，声明作废。
北京某某餐饮管理有限公司:遗失食品经营许可证正本、副本，许可证编号：JY11105XXXXXXXXX，声明作废。
王某某:遗失北京某某房地产开发有限公司开具的购房收据一张，收据编号：0012345，金额：人民币伍万元整，声明作废。
北京某某商贸有限公司:经股东会决议，本公司拟将注册资本由人民币1000万元减少至人民币100万元。请债权人自本公告发布之日起四十五日内，向本公司申报债权或要求提供相应担保。
减资公告
某某信息技术有限公司:经股东决定，本公司注册资本由人民币5000万元减至人民币500万元，请债权人自本公告发布之日起四十五日内向本公司申报债权。联系人：李先生。
注销公告
某某咨询服务有限公司:经股东会决议，本公司拟向公司登记机关申请注销登记，请债权人自本公告发布之日起四十五日内向本公司清算组申报债权。
(2023)苏0102执恢1234号之一:本院在执行申请执行人某某银行股份有限公司与被执行人某某商贸有限公司金融借款合同纠纷一案中，依法拍卖被执行人名下位于某某路某某号的房产。现依法向各利害关系人公告送达执行裁定书。自公告之日起经过六十日即视为送达。
江苏省某某市某区人民法院
某某有限公司:本院受理申请人某某投资管理有限公司与被申请人某某有限公司申请公司清算一案，现依法向你公司公告送达受理通知书、申请书副本等。自公告之日起经过三十日即视为送达。债权人应自本公告发布之日起四十五日内，向清算组申报债权。
江苏省某某市中级人民法院
(2023)苏0508破申12号:本院根据申请人某某某的申请，于2023年6月裁定受理某某纺织有限公司破产清算一案，并指定某某律师事务所担任管理人。债权人应自公告之日起三十日内，向管理人申报债权，书面说明债权数额、有无财产担保及是否属于连带债权，并提供相关证据材料。
江苏省苏州市某区人民法院
刘某某:本院受理申请人王某某申请宣告刘某某失踪一案，经查：刘某某，男，1975年3月出生，汉族，原住某某市某某区某某街道。于2019年5月起下落不明，至今已满四年。现发出寻找刘某某的公告，刘某某本人或知道其下落的有关人员应当在公告期间内将其下落告知本院。公告期间为三个月，公告期满，本院将依法作出判决。
江苏省某某市某区人民法院
(2023)沪0115民特45号:申请人陈某申请认定财产无主一案，本院经审查，现发出财产认领公告。请财产所有人自公告之日起一年内向本院申请认领。逾期无人认领的，本院将依法判决认定该财产无主，收归国家或集体所有。
上海市浦东新区人民法院
(2023)京0108民初98765号:本院受理原告某某科技有限公司诉被告某某网络科技有限公司侵害商标权纠纷一案，现依法向你公司公告送达起诉状副本、应诉通知书、举证通知书、合议庭组成人员通知书及开庭传票。自公告之日起经过三十日即视为送达。提出答辩状和举证的期限分别为公告期满后的十五日和三十日内。
北京市海淀区人民法院
(2023)辽0203民初4567号:本院受理原告某某船务有限公司诉被告某某海运有限公司运输合同纠纷一案，因你公司下落不明，依法向你公司公告送达起诉状副本、应诉通知书、举证通知书、开庭传票等。自公告之日起经过三十日即视为送达。本案定于举证期满后第三日上午9时在本院开庭审理，逾期将依法缺席判决。
辽宁省大连市某区人民法院
(2023)浙0106民初3333号:本院受理原告某某电子商务有限公司诉被告周某网络购物合同纠纷一案，已审理终结。现依法向你公告送达民事判决书。自公告之日起六十日内来本院领取民事判决书，逾期则视为送达。如不服本判决，可在判决书送达之日起十五日内，向本院递交上诉状，上诉于浙江省杭州市中级人民法院。
浙江省杭州市某区人民法院
遗失声明
北京某某建筑装饰工程有限公司:遗失营业执照正本、副本，统一社会信用代码：91110105MA00XXXX1X，声明作废。
北京某某文化传播有限公司:遗失公章一枚、财务专用章一枚、法人章一枚，声明作废。
北京某某餐饮管理有限公司:遗失食品经营许可证正本、副本，许可证编号：JY11105XXXXXXXXX，声明作废。
王某某:遗失北京某某房地产开发有限公司开具的购房收据一张，收据编号：0012345，金额：人民币伍万元整，声明作废。
北京某某商贸有限公司:经股东会决议，本公司拟将注册资本由人民币1000万元减少至人民币100万元。请债权人自本公告发布之日起四十五日内，向本公司申报债权或要求提供相应担保。
减资公告
某某信息技术有限公司:经股东决定，本公司注册资本由人民币5000万元减至人民币500万元，请债权人自本公告发布之日起四十五日内向本公司申报债权。联系人：李先生。
注销公告
某某咨询服务有限公司:经股东会决议，本公司拟向公司登记机关申请注销登记，请债权人自本公告发布之日起四十五日内向本公司清算组申报债权。
(2023)苏0102执恢1234号之一:本院在执行申请执行人某某银行股份有限公司与被执行人某某商贸有限公司金融借款合同纠纷一案中，依法拍卖被执行人名下位于某某路某某号的房产。现依法向各利害关系人公告送达执行裁定书。自公告之日起经过六十日即视为送达。
江苏省某某市某区人民法院
某某有限公司:本院受理申请人某某投资管理有限公司与被申请人某某有限公司申请公司清算一案，现依法向你公司公告送达受理通知书、申请书副本等。自公告之日起经过三十日即视为送达。债权人应自本公告发布之日起四十五日内，向清算组申报债权。
江苏省某某市中级人民法院
(2023)苏0508破申12号:本院根据申请人某某某的申请，于2023年6月裁定受理某某纺织有限公司破产清算一案，并指定某某律师事务所担任管理人。债权人应自公告之日起三十日内，向管理人申报债权，书面说明债权数额、有无财产担保及是否属于连带债权，并提供相关证据材料。
江苏省苏州市某区人民法院
刘某某:本院受理申请人王某某申请宣告刘某某失踪一案，经查：刘某某，男，1975年3月出生，汉族，原住某某市某某区某某街道。于2019年5月起下落不明，至今已满四年。现发出寻找刘某某的公告，刘某某本人或知道其下落的有关人员应当在公告期间内将其下落告知本院。公告期间为三个月，公告期满，本院将依法作出判决。
江苏省某某市某区人民法院
(2023)沪0115民特45号:申请人陈某申请认定财产无主一案，本院经审查，现发出财产认领公告。请财产所有人自公告之日起一年内向本院申请认领。逾期无人认领的，本院将依法判决认定该财产无主，收归国家或集体所有。
上海市浦东新区人民法院
(2023)京0108民初98765号:本院受理原告某某科技有限公司诉被告某某网络科技有限公司侵害商标权纠纷一案，现依法向你公司公告送达起诉状副本、应诉通知书、举证通知书、合议庭组成人员通知书及开庭传票。自公告之日起经过三十日即视为送达。提出答辩状和举证的期限分别为公告期满后的十五日和三十日内。
北京市海淀区人民法院
(2023)辽0203民初4567号:本院受理原告某某船务有限公司诉被告某某海运有限公司运输合同纠纷一案，因你公司下落不明，依法向你公司公告送达起诉状副本、应诉通知书、举证通知书、开庭传票等。自公告之日起经过三十日即视为送达。本案定于举证期满后第三日上午9时在本院开庭审理，逾期将依法缺席判决。
辽宁省大连市某区人民法院
(2023)浙0106民初3333号:本院受理原告某某电子商务有限公司诉被告周某网络购物合同纠纷一案，已审理终结。现依法向你公告送达民事判决书。自公告之日起六十日内来本院领取民事判决书，逾期则视为送达。如不服本判决，可在判决书送达之日起十五日内，向本院递交上诉状，上诉于浙江省杭州市中级人民法院。
浙江省杭州市某区人民法院
遗失声明
北京某某建筑装饰工程有限公司:遗失营业执照正本、副本，统一社会信用代码：91110105MA00XXXX1X，声明作废。
北京某某文化传播有限公司:遗失公章一枚、财务专用章一枚、法人章一枚，声明作废。
北京某某餐饮管理有限公司:遗失食品经营许可证正本、副本，许可证编号：JY11105XXXXXXXXX，声明作废。
王某某:遗失北京某某房地产开发有限公司开具的购房收据一张，收据编号：0012345，金额：人民币伍万元整，声明作废。
北京某某商贸有限公司:经股东会决议，本公司拟将注册资本由人民币1000万元减少至人民币100万元。请债权人自本公告发布之日起四十五日内，向本公司申报债权或要求提供相应担保。
减资公告
某某信息技术有限公司:经股东决定，本公司注册资本由人民币5000万元减至人民币500万元，请债权人自本公告发布之日起四十五日内向本公司申报债权。联系人：李先生。
注销公告
某某咨询服务有限公司:经股东会决议，本公司拟向公司登记机关申请注销登记，请债权人自本公告发布之日起四十五日内向本公司清算组申报债权。
公告专栏
遗失声明
胡某某:遗失中华人民共和国残疾人证，证号：11010519XXXXXXXXXX，声明作废。
李某某:遗失北京某某医院出生医学证明一份，编号：R110XXXXXX，声明作废。
张某:遗失护士执业证书一本，证书编号：201811XXXXXX，声明作废。
刘某某:遗失医师资格证书，证书编码：20181100XXXXXXX，声明作废。
北京某某汽车服务有限公司:遗失机动车销售统一发票一张，发票代码：111001XXXXXX，发票号码：0012XXXX，声明作废。
北京某某物业管理有限公司:遗失开户许可证，核准号：J10000XXXXXXX，声明作废。
王某某:遗失北京市某某区不动产权证书一本，证号：京(2019)某某区不动产权第00XXXXX号，声明作废。
北京某某教育咨询有限公司:遗失营业执照副本，统一社会信用代码：91110108XXXXXXXXXX，声明作废。
陈某某:遗失北京某某大学毕业证书，证书编号：1000XXXXXXXXXXXXXX，声明作废。
北京某某投资管理有限公司:遗失公章、财务章、合同专用章各一枚，声明作废。
赵某某:遗失中华人民共和国道路运输从业人员从业资格证，证号：1101XXXXXXXXXXXXXX，声明作废。
北京某某建设工程有限公司:遗失建筑业企业资质证书正本、副本，证书编号：D21100XXXX，声明作废。
减资公告
北京某某科技发展有限公司:经股东会决议，本公司注册资本由人民币3000万元减至人民币300万元，请债权人自本公告发布之日起四十五日内，向本公司申报债权或要求提供相应担保。
北京某某文化发展有限公司:经股东决定，本公司注册资本由人民币2000万元减至人民币200万元，请债权人自公告之日起四十五日内向本公司申报债权。
注销公告
北京某某商务咨询有限公司:经股东会决议，本公司拟向公司登记机关申请注销登记，清算组由股东组成，请债权人自本公告发布之日起四十五日内向本公司清算组申报债权。
北京某某广告有限公司:经股东决定，本公司拟向登记机关申请注销登记，请债权人于公告之日起四十五日内向本公司清算组申报债权。
天津某某贸易有限公司:经股东会决议，本公司拟向登记机关申请注销登记，请债权人自本公告发布之日起四十五日内向清算组申报债权。
遗失声明
胡某某:遗失中华人民共和国残疾人证，证号：11010519XXXXXXXXXX，声明作废。
李某某:遗失北京某某医院出生医学证明一份，编号：R110XXXXXX，声明作废。
张某:遗失护士执业证书一本，证书编号：201811XXXXXX，声明作废。
刘某某:遗失医师资格证书，证书编码：20181100XXXXXXX，声明作废。
北京某某汽车服务有限公司:遗失机动车销售统一发票一张，发票代码：111001XXXXXX，发票号码：0012XXXX，声明作废。
北京某某物业管理有限公司:遗失开户许可证，核准号：J10000XXXXXXX，声明作废。
王某某:遗失北京市某某区不动产权证书一本，证号：京(2019)某某区不动产权第00XXXXX号，声明作废。
北京某某教育咨询有限公司:遗失营业执照副本，统一社会信用代码：91110108XXXXXXXXXX，声明作废。
陈某某:遗失北京某某大学毕业证书，证书编号：1000XXXXXXXXXXXXXX，声明作废。
北京某某投资管理有限公司:遗失公章、财务章、合同专用章各一枚，声明作废。
赵某某:遗失中华人民共和国道路运输从业人员从业资格证，证号：1101XXXXXXXXXXXXXX，声明作废。
北京某某建设工程有限公司:遗失建筑业企业资质证书正本、副本，证书编号：D21100XXXX，声明作废。
减资公告
北京某某科技发展有限公司:经股东会决议，本公司注册资本由人民币3000万元减至人民币300万元，请债权人自本公告发布之日起四十五日内，向本公司申报债权或要求提供相应担保。
北京某某文化发展有限公司:经股东决定，本公司注册资本由人民币2000万元减至人民币200万元，请债权人自公告之日起四十五日内向本公司申报债权。
注销公告
北京某某商务咨询有限公司:经股东会决议，本公司拟向公司登记机关申请注销登记，清算组由股东组成，请债权人自本公告发布之日起四十五日内向本公司清算组申报债权。
北京某某广告有限公司:经股东决定，本公司拟向登记机关申请注销登记，请债权人于公告之日起四十五日内向本公司清算组申报债权。
天津某某贸易有限公司:经股东会决议，本公司拟向登记机关申请注销登记，请债权人自本公告发布之日起四十五日内向清算组申报债权。
遗失声明
胡某某:遗失中华人民共和国残疾人证，证号：11010519XXXXXXXXXX，声明作废。
李某某:遗失北京某某医院出生医学证明一份，编号：R110XXXXXX，声明作废。
张某:遗失护士执业证书一本，证书编号：201811XXXXXX，声明作废。
刘某某:遗失医师资格证书，证书编码：20181100XXXXXXX，声明作废。
北京某某汽车服务有限公司:遗失机动车销售统一发票一张，发票代码：111001XXXXXX，发票号码：0012XXXX，声明作废。
北京某某物业管理有限公司:遗失开户许可证，核准号：J10000XXXXXXX，声明作废。
王某某:遗失北京市某某区不动产权证书一本，证号：京(2019)某某区不动产权第00XXXXX号，声明作废。
北京某某教育咨询有限公司:遗失营业执照副本，统一社会信用代码：91110108XXXXXXXXXX，声明作废。
陈某某:遗失北京某某大学毕业证书，证书编号：1000XXXXXXXXXXXXXX，声明作废。
北京某某投资管理有限公司:遗失公章、财务章、合同专用章各一枚，声明作废。
赵某某:遗失中华人民共和国道路运输从业人员从业资格证，证号：1101XXXXXXXXXXXXXX，声明作废。
北京某某建设工程有限公司:遗失建筑业企业资质证书正本、副本，证书编号：D21100XXXX，声明作废。
减资公告
北京某某科技发展有限公司:经股东会决议，本公司注册资本由人民币3000万元减至人民币300万元，请债权人自本公告发布之日起四十五日内，向本公司申报债权或要求提供相应担保。
北京某某文化发展有限公司:经股东决定，本公司注册资本由人民币2000万元减至人民币200万元，请债权人自公告之日起四十五日内向本公司申报债权。
注销公告
北京某某商务咨询有限公司:经股东会决议，本公司拟向公司登记机关申请注销登记，清算组由股东组成，请债权人自本公告发布之日起四十五日内向本公司清算组申报债权。
北京某某广告有限公司:经股东决定，本公司拟向登记机关申请注销登记，请债权人于公告之日起四十五日内向本公司清算组申报债权。
天津某某贸易有限公司:经股东会决议，本公司拟向登记机关申请注销登记，请债权人自本公告发布之日起四十五日内向清算组申报债权。
遗失声明
胡某某:遗失中华人民共和国残疾人证，证号：11010519XXXXXXXXXX，声明作废。
李某某:遗失北京某某医院出生医学证明一份，编号：R110XXXXXX，声明作废。
张某:遗失护士执业证书一本，证书编号：201811XXXXXX，声明作废。
刘某某:遗失医师资格证书，证书编码：20181100XXXXXXX，声明作废。
北京某某汽车服务有限公司:遗失机动车销售统一发票一张，发票代码：111001XXXXXX，发票号码：0012XXXX，声明作废。
北京某某物业管理有限公司:遗失开户许可证，核准号：J10000XXXXXXX，声明作废。
王某某:遗失北京市某某区不动产权证书一本，证号：京(2019)某某区不动产权第00XXXXX号，声明作废。
北京某某教育咨询有限公司:遗失营业执照副本，统一社会信用代码：91110108XXXXXXXXXX，声明作废。
陈某某:遗失北京某某大学毕业证书，证书编号：1000XXXXXXXXXXXXXX，声明作废。
北京某某投资管理有限公司:遗失公章、财务章、合同专用章各一枚，声明作废。
赵某某:遗失中华人民共和国道路运输从业人员从业资格证，证号：1101XXXXXXXXXXXXXX，声明作废。
北京某某建设工程有限公司:遗失建筑业企业资质证书正本、副本，证书编号：D21100XXXX，声明作废。
减资公告
北京某某科技发展有限公司:经股东会决议，本公司注册资本由人民币3000万元减至人民币300万元，请债权人自本公告发布之日起四十五日内，向本公司申报债权或要求提供相应担保。
北京某某文化发展有限公司:经股东决定，本公司注册资本由人民币2000万元减至人民币200万元，请债权人自公告之日起四十五日内向本公司申报债权。
注销公告
北京某某商务咨询有限公司:经股东会决议，本公司拟向公司登记机关申请注销登记，清算组由股东组成，请债权人自本公告发布之日起四十五日内向本公司清算组申报债权。
北京某某广告有限公司:经股东决定，本公司拟向登记机关申请注销登记，请债权人于公告之日起四十五日内向本公司清算组申报债权。
天津某某贸易有限公司:经股东会决议，本公司拟向登记机关申请注销登记，请债权人自本公告发布之日起四十五日内向清算组申报债权。
遗失声明
胡某某:遗失中华人民共和国残疾人证，证号：11010519XXXXXXXXXX，声明作废。
李某某:遗失北京某某医院出生医学证明一份，编号：R110XXXXXX，声明作废。
张某:遗失护士执业证书一本，证书编号：201811XXXXXX，声明作废。
刘某某:遗失医师资格证书，证书编码：20181100XXXXXXX，声明作废。
北京某某汽车服务有限公司:遗失机动车销售统一发票一张，发票代码：111001XXXXXX，发票号码：0012XXXX，声明作废。
北京某某物业管理有限公司:遗失开户许可证，核准号：J10000XXXXXXX，声明作废。
王某某:遗失北京市某某区不动产权证书一本，证号：京(2019)某某区不动产权第00XXXXX号，声明作废。
北京某某教育咨询有限公司:遗失营业执照副本，统一社会信用代码：91110108XXXXXXXXXX，声明作废。
陈某某:遗失北京某某大学毕业证书，证书编号：1000XXXXXXXXXXXXXX，声明作废。
北京某某投资管理有限公司:遗失公章、财务章、合同专用章各一枚，声明作废。
赵某某:遗失中华人民共和国道路运输从业人员从业资格证，证号：1101XXXXXXXXXXXXXX，声明作废。
北京某某建设工程有限公司:遗失建筑业企业资质证书正本、副本，证书编号：D21100XXXX，声明作废。
减资公告
北京某某科技发展有限公司:经股东会决议，本公司注册资本由人民币3000万元减至人民币300万元，请债权人自本公告发布之日起四十五日内，向本公司申报债权或要求提供相应担保。
北京某某文化发展有限公司:经股东决定，本公司注册资本由人民币2000万元减至人民币200万元，请债权人自公告之日起四十五日内向本公司申报债权。
注销公告
北京某某商务咨询有限公司:经股东会决议，本公司拟向公司登记机关申请注销登记，清算组由股东组成，请债权人自本公告发布之日起四十五日内向本公司清算组申报债权。
北京某某广告有限公司:经股东决定，本公司拟向登记机关申请注销登记，请债权人于公告之日起四十五日内向本公司清算组申报债权。
天津某某贸易有限公司:经股东会决议，本公司拟向登记机关申请注销登记，请债权人自本公告发布之日起四十五日内向清算组申报债权。
遗失声明
胡某某:遗失中华人民共和国残疾人证，证号：11010519XXXXXXXXXX，声明作废。
李某某:遗失北京某某医院出生医学证明一份，编号：R110XXXXXX，声明作废。
张某:遗失护士执业证书一本，证书编号：201811XXXXXX，声明作废。
刘某某:遗失医师资格证书，证书编码：20181100XXXXXXX，声明作废。
北京某某汽车服务有限公司:遗失机动车销售统一发票一张，发票代码：111001XXXXXX，发票号码：0012XXXX，声明作废。
北京某某物业管理有限公司:遗失开户许可证，核准号：J10000XXXXXXX，声明作废。
王某某:遗失北京市某某区不动产权证书一本，证号：京(2019)某某区不动产权第00XXXXX号，声明作废。
北京某某教育咨询有限公司:遗失营业执照副本，统一社会信用代码：91110108XXXXXXXXXX，声明作废。
陈某某:遗失北京某某大学毕业证书，证书编号：1000XXXXXXXXXXXXXX，声明作废。
北京某某投资管理有限公司:遗失公章、财务章、合同专用章各一枚，声明作废。
赵某某:遗失中华人民共和国道路运输从业人员从业资格证，证号：1101XXXXXXXXXXXXXX，声明作废。
北京某某建设工程有限公司:遗失建筑业企业资质证书正本、副本，证书编号：D21100XXXX，声明作废。
减资公告
北京某某科技发展有限公司:经股东会决议，本公司注册资本由人民币3000万元减至人民币300万元，请债权人自本公告发布之日起四十五日内，向本公司申报债权或要求提供相应担保。
北京某某文化发展有限公司:经股东决定，本公司注册资本由人民币2000万元减至人民币200万元，请债权人自公告之日起四十五日内向本公司申报债权。
注销公告
北京某某商务咨询有限公司:经股东会决议，本公司拟向公司登记机关申请注销登记，清算组由股东组成，请债权人自本公告发布之日起四十五日内向本公司清算组申报债权。
北京某某广告有限公司:经股东决定，本公司拟向登记机关申请注销登记，请债权人于公告之日起四十五日内向本公司清算组申报债权。
天津某某贸易有限公司:经股东会决议，本公司拟向登记机关申请注销登记，请债权人自本公告发布之日起四十五日内向清算组申报债权。
遗失声明
胡某某:遗失中华人民共和国残疾人证，证号：11010519XXXXXXXXXX，声明作废。
李某某:遗失北京某某医院出生医学证明一份，编号：R110XXXXXX，声明作废。
张某:遗失护士执业证书一本，证书编号：201811XXXXXX，声明作废。
刘某某:遗失医师资格证书，证书编码：20181100XXXXXXX，声明作废。
北京某某汽车服务有限公司:遗失机动车销售统一发票一张，发票代码：111001XXXXXX，发票号码：0012XXXX，声明作废。
北京某某物业管理有限公司:遗失开户许可证，核准号：J10000XXXXXXX，声明作废。
王某某:遗失北京市某某区不动产权证书一本，证号：京(2019)某某区不动产权第00XXXXX号，声明作废。
北京某某教育咨询有限公司:遗失营业执照副本，统一社会信用代码：91110108XXXXXXXXXX，声明作废。
陈某某:遗失北京某某大学毕业证书，证书编号：1000XXXXXXXXXXXXXX，声明作废。
北京某某投资管理有限公司:遗失公章、财务章、合同专用章各一枚，声明作废。
赵某某:遗失中华人民共和国道路运输从业人员从业资格证，证号：1101XXXXXXXXXXXXXX，声明作废。
北京某某建设工程有限公司:遗失建筑业企业资质证书正本、副本，证书编号：D21100XXXX，声明作废。
减资公告
北京某某科技发展有限公司:经股东会决议，本公司注册资本由人民币3000万元减至人民币300万元，请债权人自本公告发布之日起四十五日内，向本公司申报债权或要求提供相应担保。
北京某某文化发展有限公司:经股东决定，本公司注册资本由人民币2000万元减至人民币200万元，请债权人自公告之日起四十五日内向本公司申报债权。
注销公告
北京某某商务咨询有限公司:经股东会决议，本公司拟向公司登记机关申请注销登记，清算组由股东组成，请债权人自本公告发布之日起四十五日内向本公司清算组申报债权。
北京某某广告有限公司:经股东决定，本公司拟向登记机关申请注销登记，请债权人于公告之日起四十五日内向本公司清算组申报债权。
天津某某贸易有限公司:经股东会决议，本公司拟向登记机关申请注销登记，请债权人自本公告发布之日起四十五日内向清算组申报债权。
遗失声明
胡某某:遗失中华人民共和国残疾人证，证号：11010519XXXXXXXXXX，声明作废。
李某某:遗失北京某某医院出生医学证明一份，编号：R110XXXXXX，声明作废。
张某:遗失护士执业证书一本，证书编号：201811XXXXXX，声明作废。
刘某某:遗失医师资格证书，证书编码：20181100XXXXXXX，声明作废。
北京某某汽车服务有限公司:遗失机动车销售统一发票一张，发票代码：111001XXXXXX，发票号码：0012XXXX，声明作废。
北京某某物业管理有限公司:遗失开户许可证，核准号：J10000XXXXXXX，声明作废。
王某某:遗失北京市某某区不动产权证书一本，证号：京(2019)某某区不动产权第00XXXXX号，声明作废。
北京某某教育咨询有限公司:遗失营业执照副本，统一社会信用代码：91110108XXXXXXXXXX，声明作废。
陈某某:遗失北京某某大学毕业证书，证书编号：1000XXXXXXXXXXXXXX，声明作废。
北京某某投资管理有限公司:遗失公章、财务章、合同专用章各一枚，声明作废。
赵某某:遗失中华人民共和国道路运输从业人员从业资格证，证号：1101XXXXXXXXXXXXXX，声明作废。
北京某某建设工程有限公司:遗失建筑业企业资质证书正本、副本，证书编号：D21100XXXX，声明作废。
减资公告
北京某某科技发展有限公司:经股东会决议，本公司注册资本由人民币3000万元减至人民币300万元，请债权人自本公告发布之日起四十五日内，向本公司申报债权或要求提供相应担保。
北京某某文化发展有限公司:经股东决定，本公司注册资本由人民币2000万元减至人民币200万元，请债权人自公告之日起四十五日内向本公司申报债权。
注销公告
北京某某商务咨询有限公司:经股东会决议，本公司拟向公司登记机关申请注销登记，清算组由股东组成，请债权人自本公告发布之日起四十五日内向本公司清算组申报债权。
北京某某广告有限公司:经股东决定，本公司拟向登记机关申请注销登记，请债权人于公告之日起四十五日内向本公司清算组申报债权。
天津某某贸易有限公司:经股东会决议，本公司拟向登记机关申请注销登记，请债权人自本公告发布之日起四十五日内向清算组申报债权。
